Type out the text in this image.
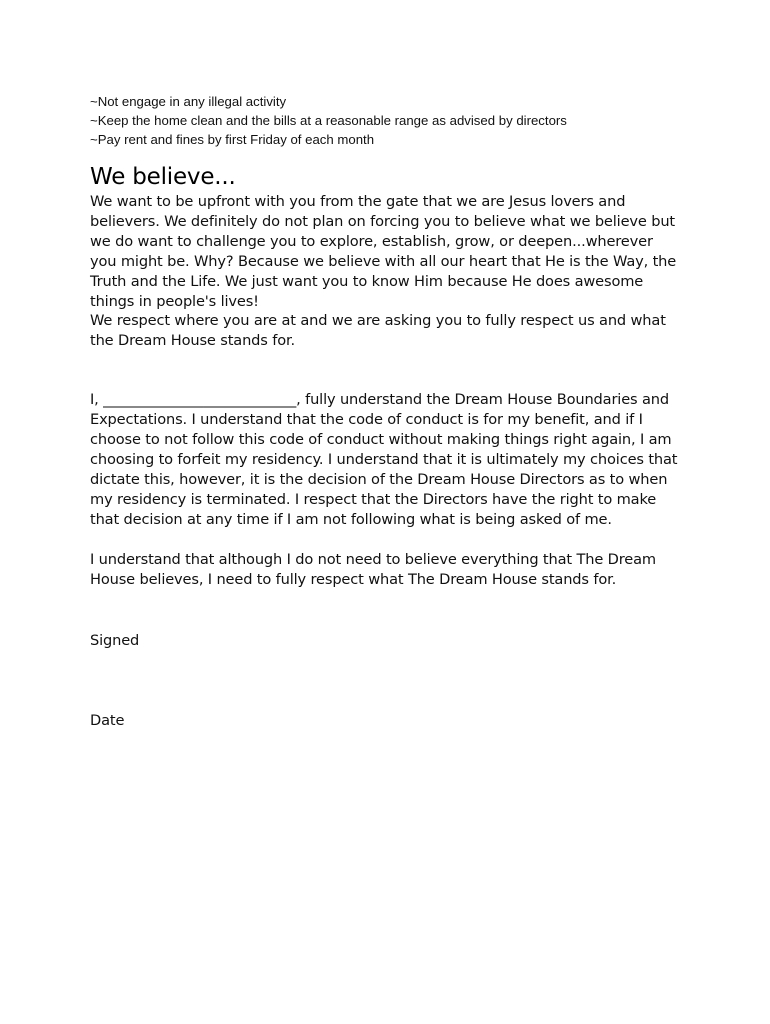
~Not engage in any illegal activity
~Keep the home clean and the bills at a reasonable range as advised by directors
~Pay rent and fines by first Friday of each month
We believe...

We want to be upfront with you from the gate that we are Jesus lovers and believers. We definitely do not plan on forcing you to believe what we believe but we do want to challenge you to explore, establish, grow, or deepen...wherever you might be. Why? Because we believe with all our heart that He is the Way, the Truth and the Life. We just want you to know Him because He does awesome things in people's lives!

We respect where you are at and we are asking you to fully respect us and what the Dream House stands for.

I, ___________________________, fully understand the Dream House Boundaries and Expectations. I understand that the code of conduct is for my benefit, and if I choose to not follow this code of conduct without making things right again, I am choosing to forfeit my residency. I understand that it is ultimately my choices that dictate this, however, it is the decision of the Dream House Directors as to when my residency is terminated. I respect that the Directors have the right to make that decision at any time if I am not following what is being asked of me.

I understand that although I do not need to believe everything that The Dream House believes, I need to fully respect what The Dream House stands for.

Signed
Date
